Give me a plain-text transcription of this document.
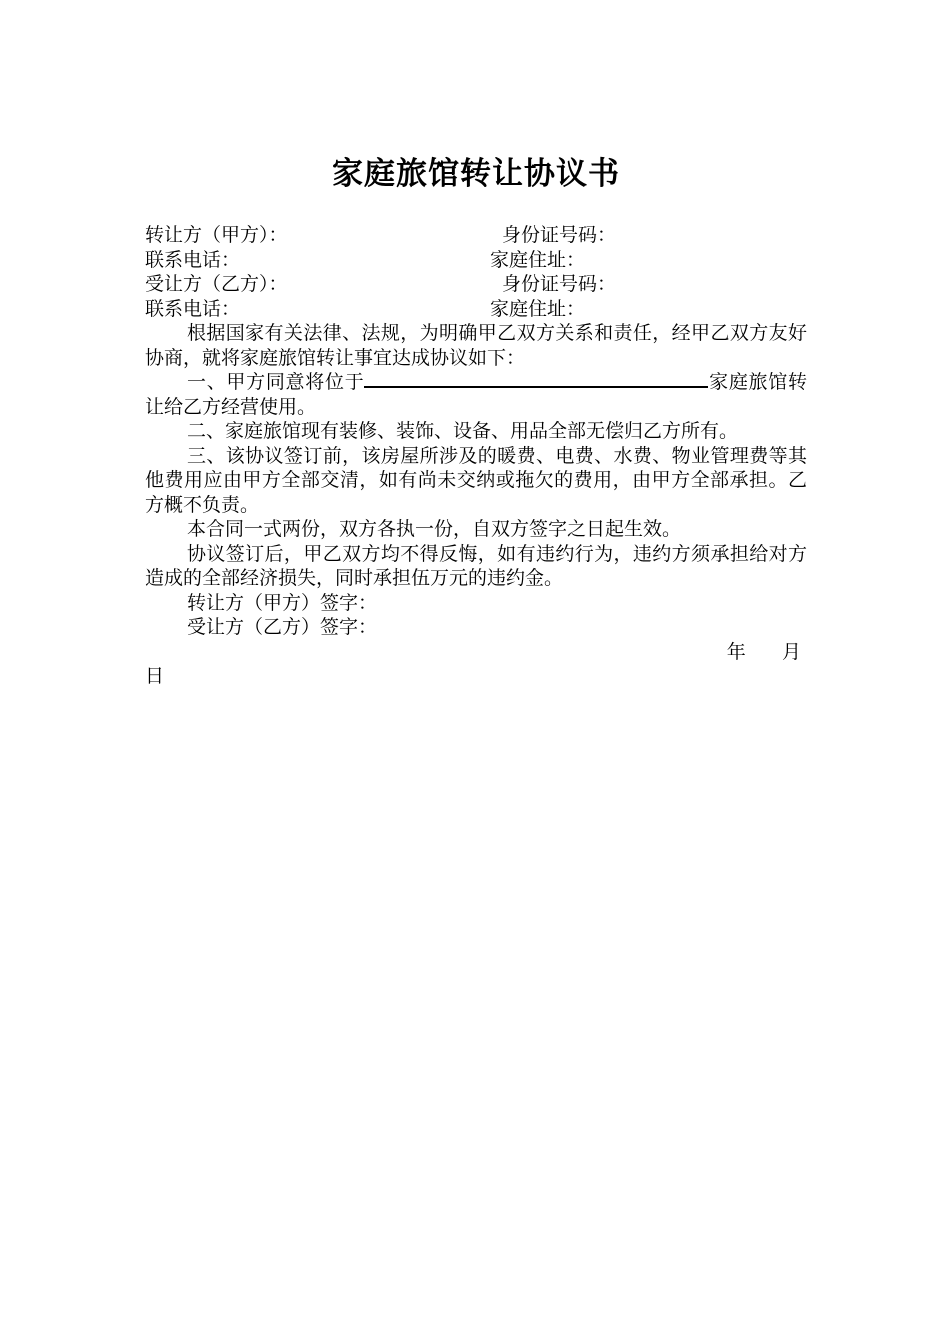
家庭旅馆转让协议书
转让方（甲方）：	身份证号码：
联系电话：	家庭住址：
受让方（乙方）：	身份证号码：
联系电话：	家庭住址：

根据国家有关法律、法规，为明确甲乙双方关系和责任，经甲乙双方友好协商，就将家庭旅馆转让事宜达成协议如下：

一、甲方同意将位于	家庭旅馆转让给乙方经营使用。

二、家庭旅馆现有装修、装饰、设备、用品全部无偿归乙方所有。

三、该协议签订前，该房屋所涉及的暖费、电费、水费、物业管理费等其他费用应由甲方全部交清，如有尚未交纳或拖欠的费用，由甲方全部承担。乙方概不负责。

本合同一式两份，双方各执一份，自双方签字之日起生效。

协议签订后，甲乙双方均不得反悔，如有违约行为，违约方须承担给对方造成的全部经济损失，同时承担伍万元的违约金。

转让方（甲方）签字：
受让方（乙方）签字：
年 月
日
